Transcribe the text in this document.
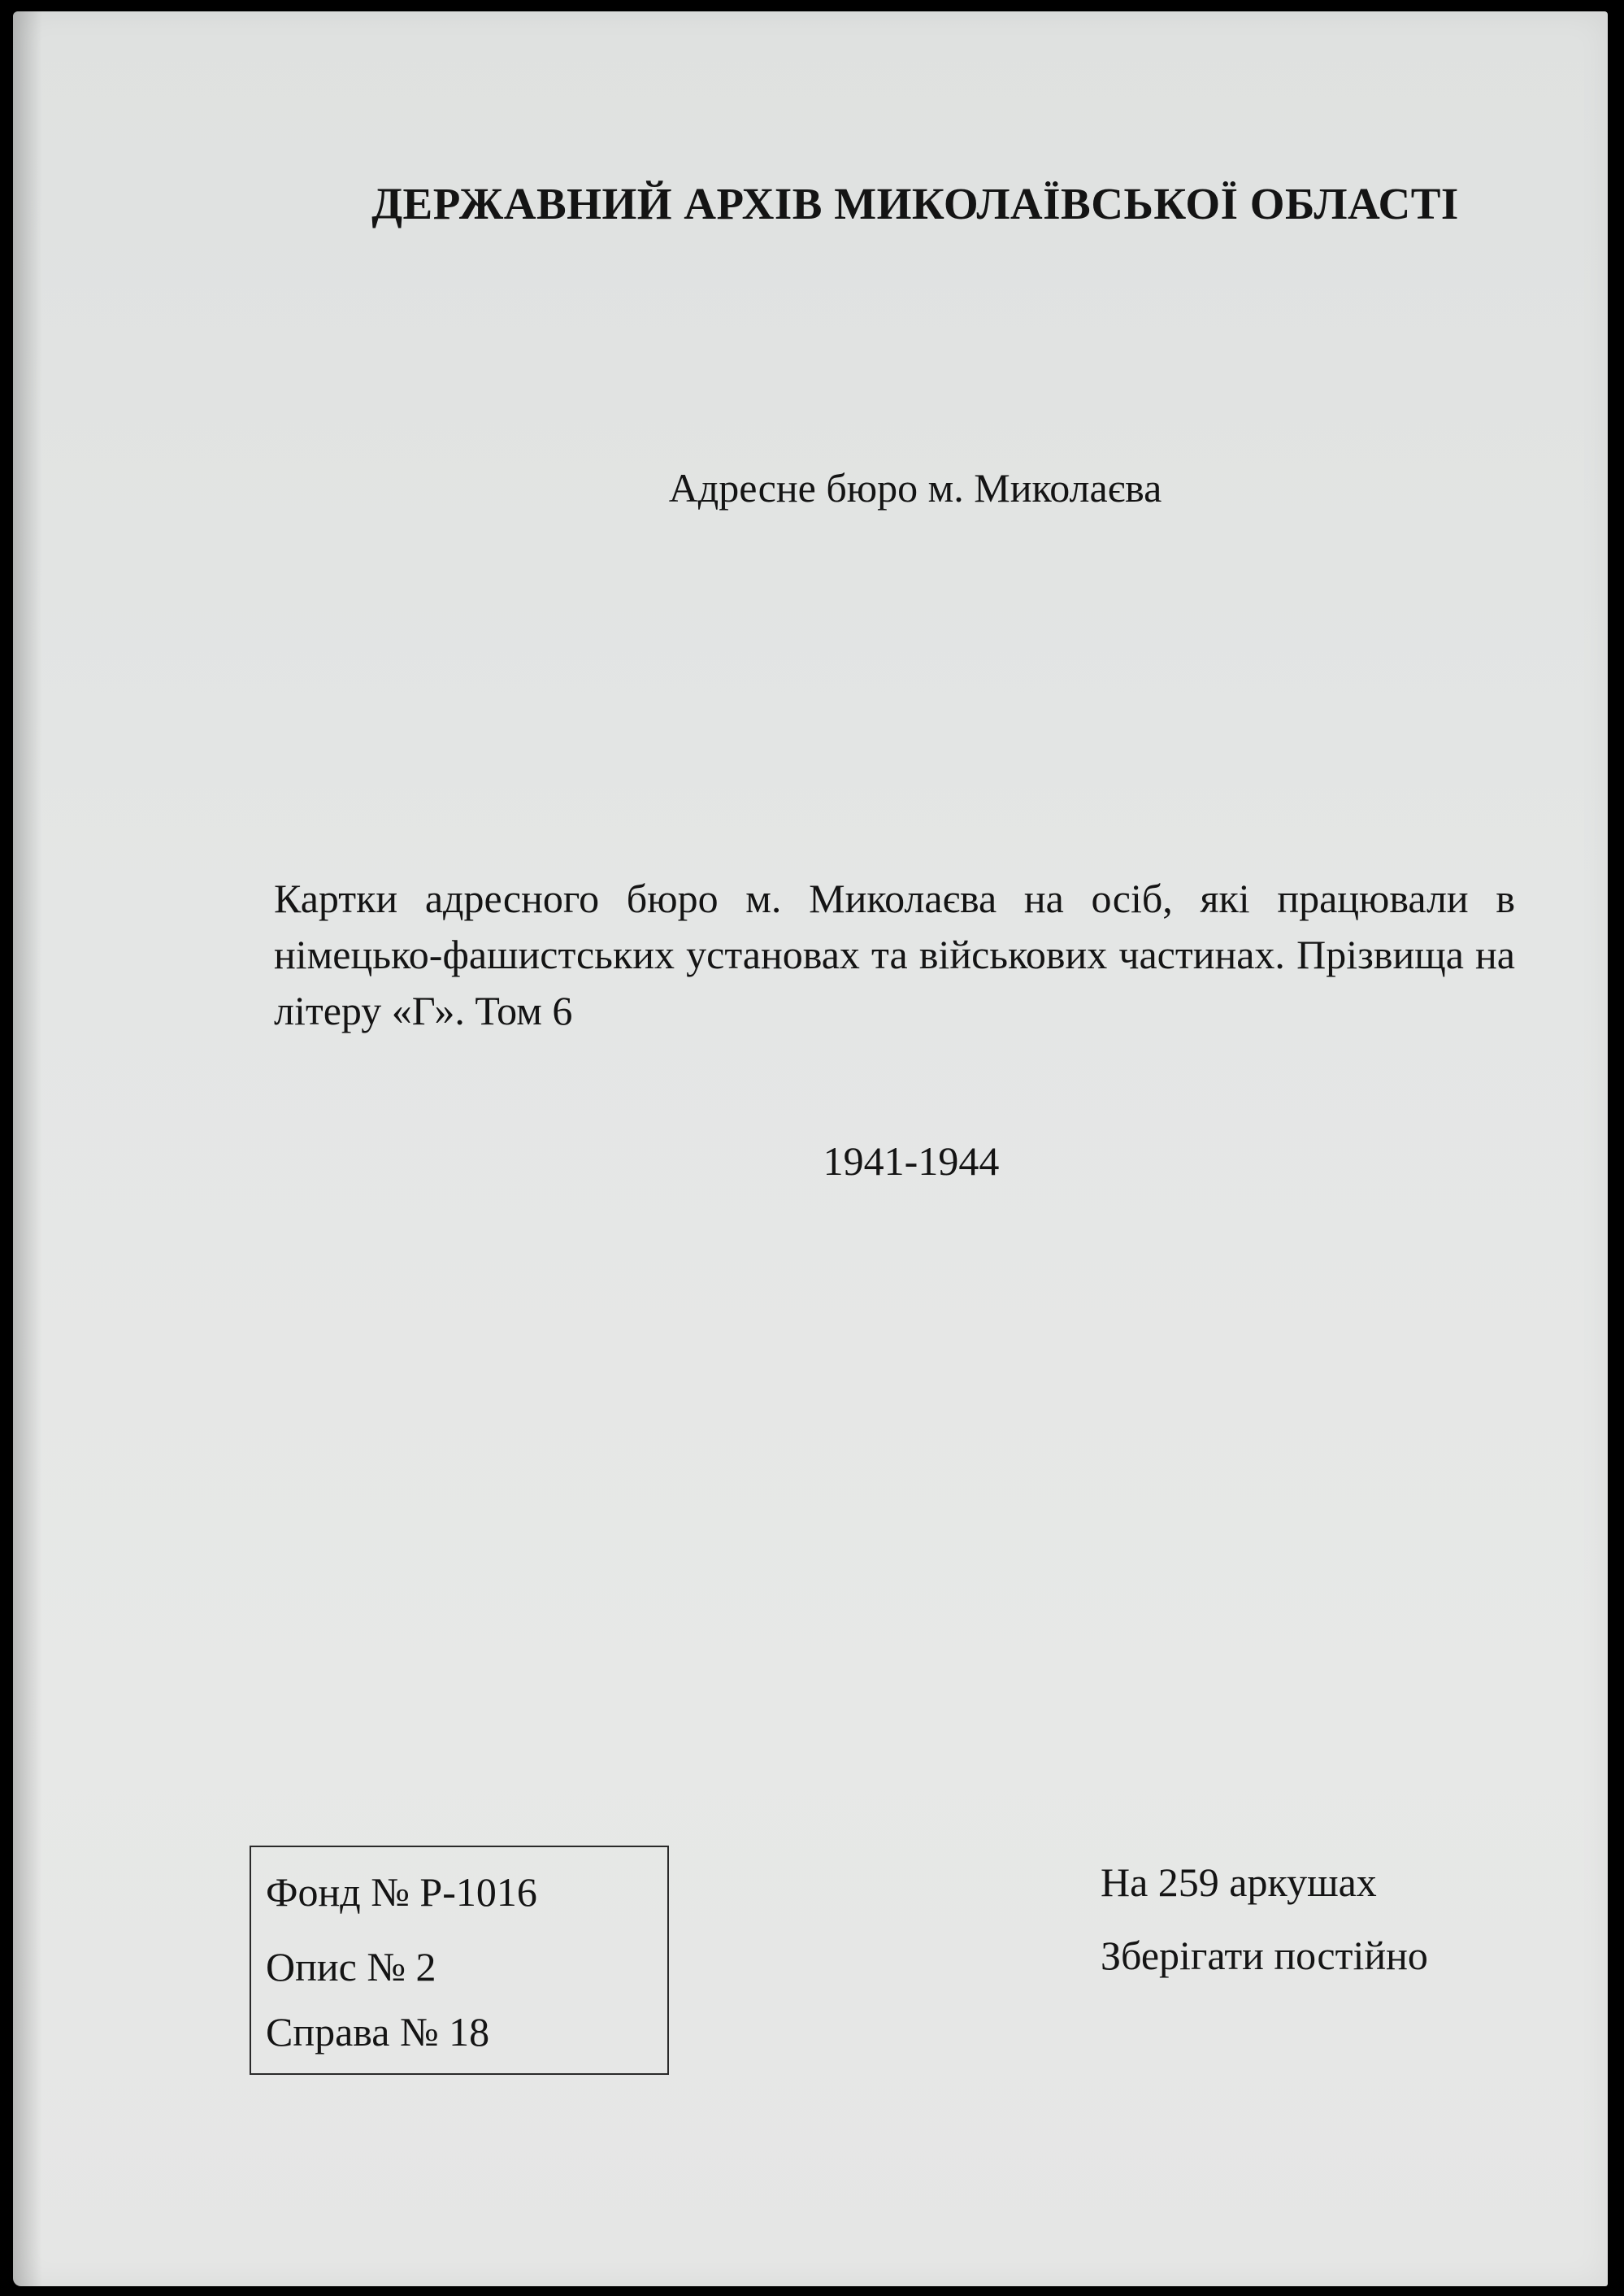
ДЕРЖАВНИЙ АРХІВ МИКОЛАЇВСЬКОЇ ОБЛАСТІ
Адресне бюро м. Миколаєва
Картки адресного бюро м. Миколаєва на осіб, які працювали в німецько-фашистських установах та військових частинах. Прізвища на літеру «Г». Том 6
1941-1944
Фонд № Р-1016
Опис № 2
Справа № 18
На 259 аркушах
Зберігати постійно
